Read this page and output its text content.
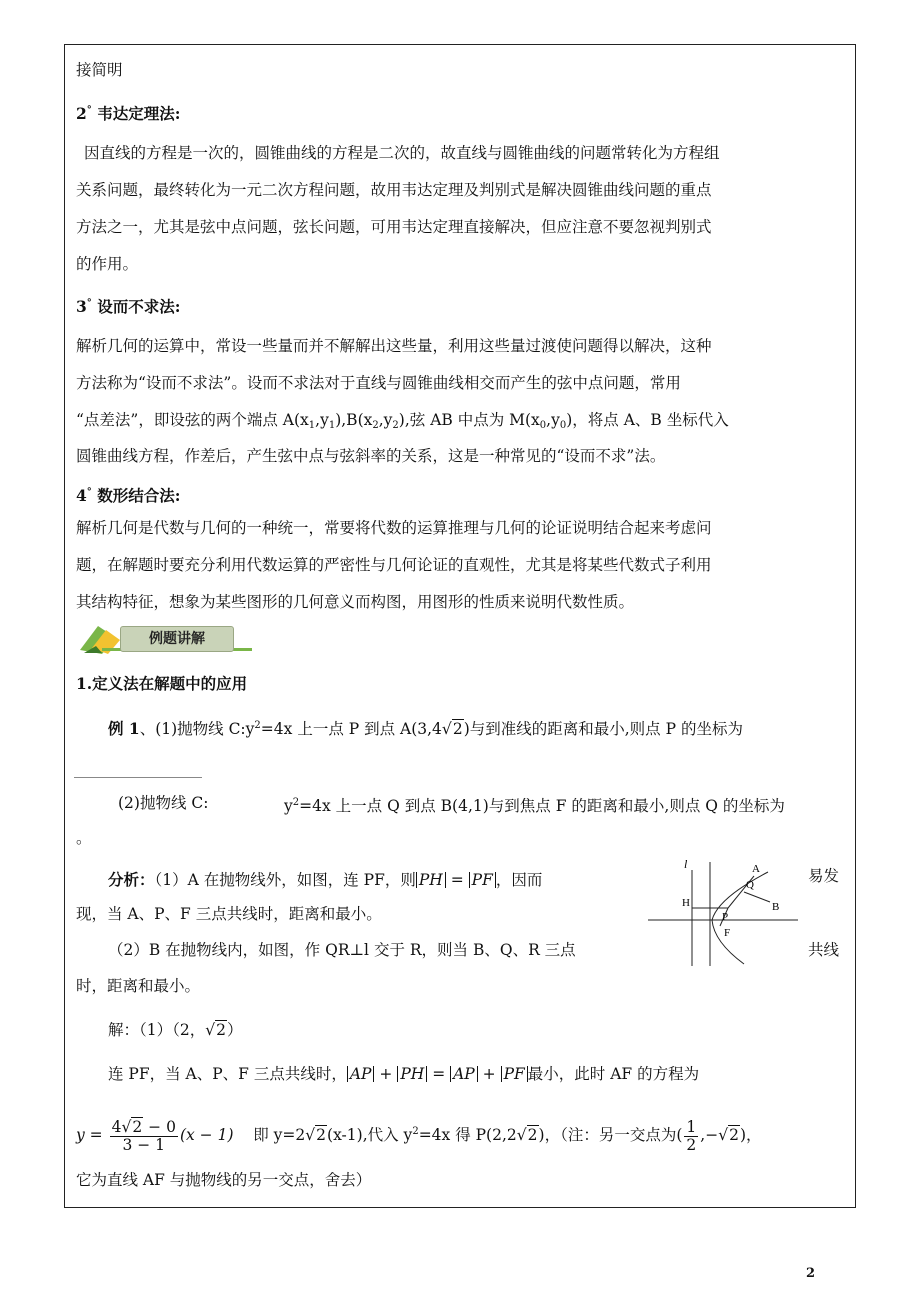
接简明
2° 韦达定理法:
因直线的方程是一次的，圆锥曲线的方程是二次的，故直线与圆锥曲线的问题常转化为方程组
关系问题，最终转化为一元二次方程问题，故用韦达定理及判别式是解决圆锥曲线问题的重点
方法之一，尤其是弦中点问题，弦长问题，可用韦达定理直接解决，但应注意不要忽视判别式
的作用。
3° 设而不求法:
解析几何的运算中，常设一些量而并不解解出这些量，利用这些量过渡使问题得以解决，这种
方法称为“设而不求法”。设而不求法对于直线与圆锥曲线相交而产生的弦中点问题，常用
“点差法”，即设弦的两个端点 $A(x_1,y_1),B(x_2,y_2)$,弦 AB 中点为 $M(x_0,y_0)$，将点 A、B 坐标代入
圆锥曲线方程，作差后，产生弦中点与弦斜率的关系，这是一种常见的“设而不求”法。
4° 数形结合法:
解析几何是代数与几何的一种统一，常要将代数的运算推理与几何的论证说明结合起来考虑问
题，在解题时要充分利用代数运算的严密性与几何论证的直观性，尤其是将某些代数式子利用
其结构特征，想象为某些图形的几何意义而构图，用图形的性质来说明代数性质。
例题讲解
1.定义法在解题中的应用
例 1、(1)抛物线 $C:y^2=4x$ 上一点 P 到点 A(3,4√2)与到准线的距离和最小,则点 P 的坐标为
(2)抛物线 C:	$y^2=4x$ 上一点 Q 到点 B(4,1)与到焦点 F 的距离和最小,则点 Q 的坐标为
。
分析：（1）A 在抛物线外，如图，连 PF，则 PH = PF ，因而	易发
现，当 A、P、F 三点共线时，距离和最小。
（2）B 在抛物线内，如图，作 QR⊥l 交于 R，则当 B、Q、R 三点	共线
时，距离和最小。
l	A
Q
B
H
P
F
解：（1）（2，√2）
连 PF，当 A、P、F 三点共线时， AP + PH = AP + PF 最小，此时 AF 的方程为
$y = \frac{4√2 - 0}{3 - 1} (x - 1)$ 即 y=2√2(x-1),代入 $y^2=4x$ 得 P(2,2√2)，（注：另一交点为( $\frac{1}{2} ,-√2$)，
它为直线 AF 与抛物线的另一交点，舍去）
2
